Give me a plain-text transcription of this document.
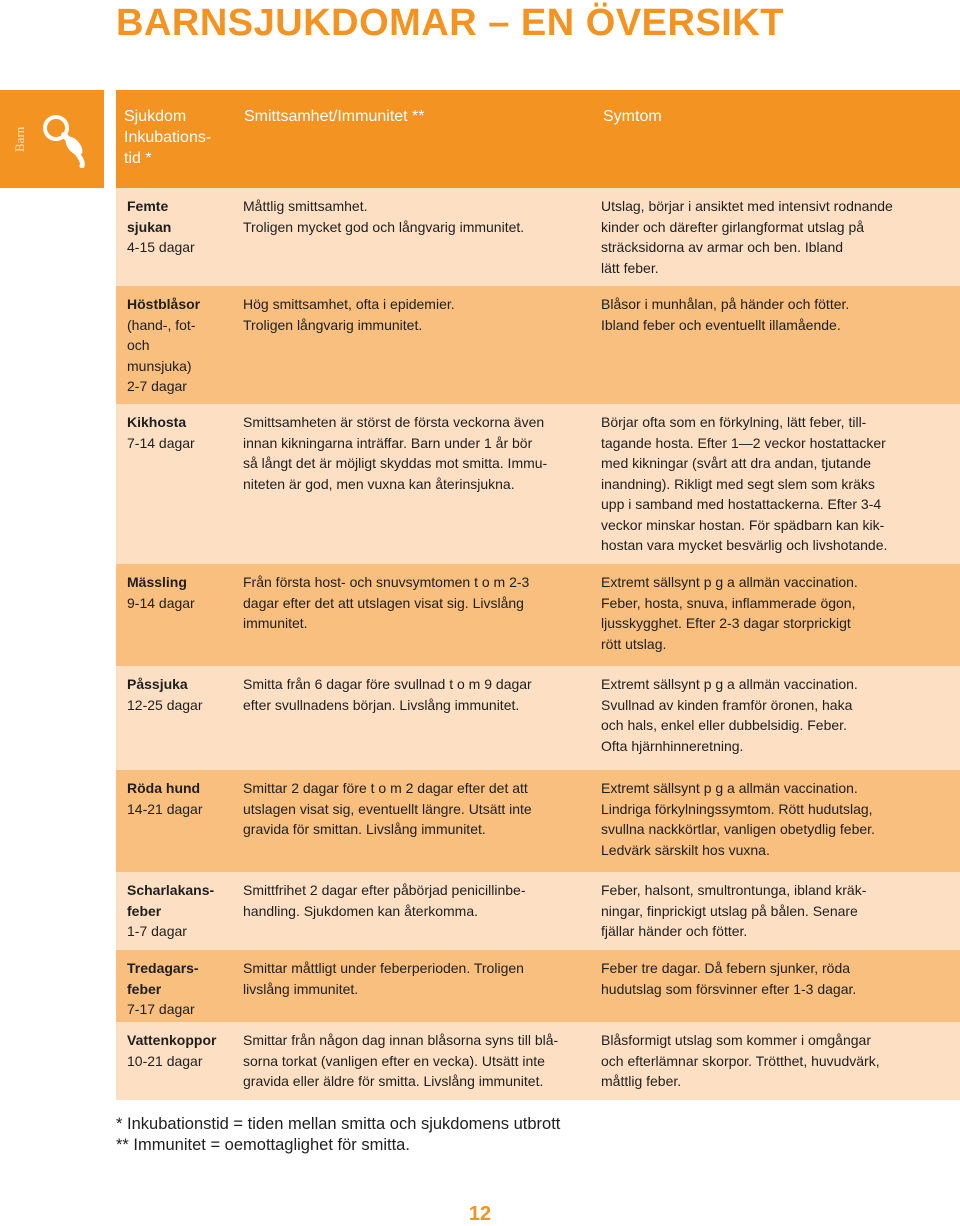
BARNSJUKDOMAR – EN ÖVERSIKT
Barn
Sjukdom
Inkubations-
tid *
Smittsamhet/Immunitet **	Symtom
Femte
sjukan
4-15 dagar
Måttlig smittsamhet.
Troligen mycket god och långvarig immunitet.
Utslag, börjar i ansiktet med intensivt rodnande
kinder och därefter girlangformat utslag på
sträcksidorna av armar och ben. Ibland
lätt feber.
Höstblåsor
(hand-, fot-
och
munsjuka)
2-7 dagar
Hög smittsamhet, ofta i epidemier.
Troligen långvarig immunitet.
Blåsor i munhålan, på händer och fötter.
Ibland feber och eventuellt illamående.
Kikhosta
7-14 dagar
Smittsamheten är störst de första veckorna även
innan kikningarna inträffar. Barn under 1 år bör
så långt det är möjligt skyddas mot smitta. Immu-
niteten är god, men vuxna kan återinsjukna.
Börjar ofta som en förkylning, lätt feber, till-
tagande hosta. Efter 1—2 veckor hostattacker
med kikningar (svårt att dra andan, tjutande
inandning). Rikligt med segt slem som kräks
upp i samband med hostattackerna. Efter 3-4
veckor minskar hostan. För spädbarn kan kik-
hostan vara mycket besvärlig och livshotande.
Mässling
9-14 dagar
Från första host- och snuvsymtomen t o m 2-3
dagar efter det att utslagen visat sig. Livslång
immunitet.
Extremt sällsynt p g a allmän vaccination.
Feber, hosta, snuva, inflammerade ögon,
ljusskygghet. Efter 2-3 dagar storprickigt
rött utslag.
Påssjuka
12-25 dagar
Smitta från 6 dagar före svullnad t o m 9 dagar
efter svullnadens början. Livslång immunitet.
Extremt sällsynt p g a allmän vaccination.
Svullnad av kinden framför öronen, haka
och hals, enkel eller dubbelsidig. Feber.
Ofta hjärnhinneretning.
Röda hund
14-21 dagar
Smittar 2 dagar före t o m 2 dagar efter det att
utslagen visat sig, eventuellt längre. Utsätt inte
gravida för smittan. Livslång immunitet.
Extremt sällsynt p g a allmän vaccination.
Lindriga förkylningssymtom. Rött hudutslag,
svullna nackkörtlar, vanligen obetydlig feber.
Ledvärk särskilt hos vuxna.
Scharlakans-
feber
1-7 dagar
Smittfrihet 2 dagar efter påbörjad penicillinbe-
handling. Sjukdomen kan återkomma.
Feber, halsont, smultrontunga, ibland kräk-
ningar, finprickigt utslag på bålen. Senare
fjällar händer och fötter.
Tredagars-
feber
7-17 dagar
Smittar måttligt under feberperioden. Troligen
livslång immunitet.
Feber tre dagar. Då febern sjunker, röda
hudutslag som försvinner efter 1-3 dagar.
Vattenkoppor
10-21 dagar
Smittar från någon dag innan blåsorna syns till blå-
sorna torkat (vanligen efter en vecka). Utsätt inte
gravida eller äldre för smitta. Livslång immunitet.
Blåsformigt utslag som kommer i omgångar
och efterlämnar skorpor. Trötthet, huvudvärk,
måttlig feber.
* Inkubationstid = tiden mellan smitta och sjukdomens utbrott
** Immunitet = oemottaglighet för smitta.
12
